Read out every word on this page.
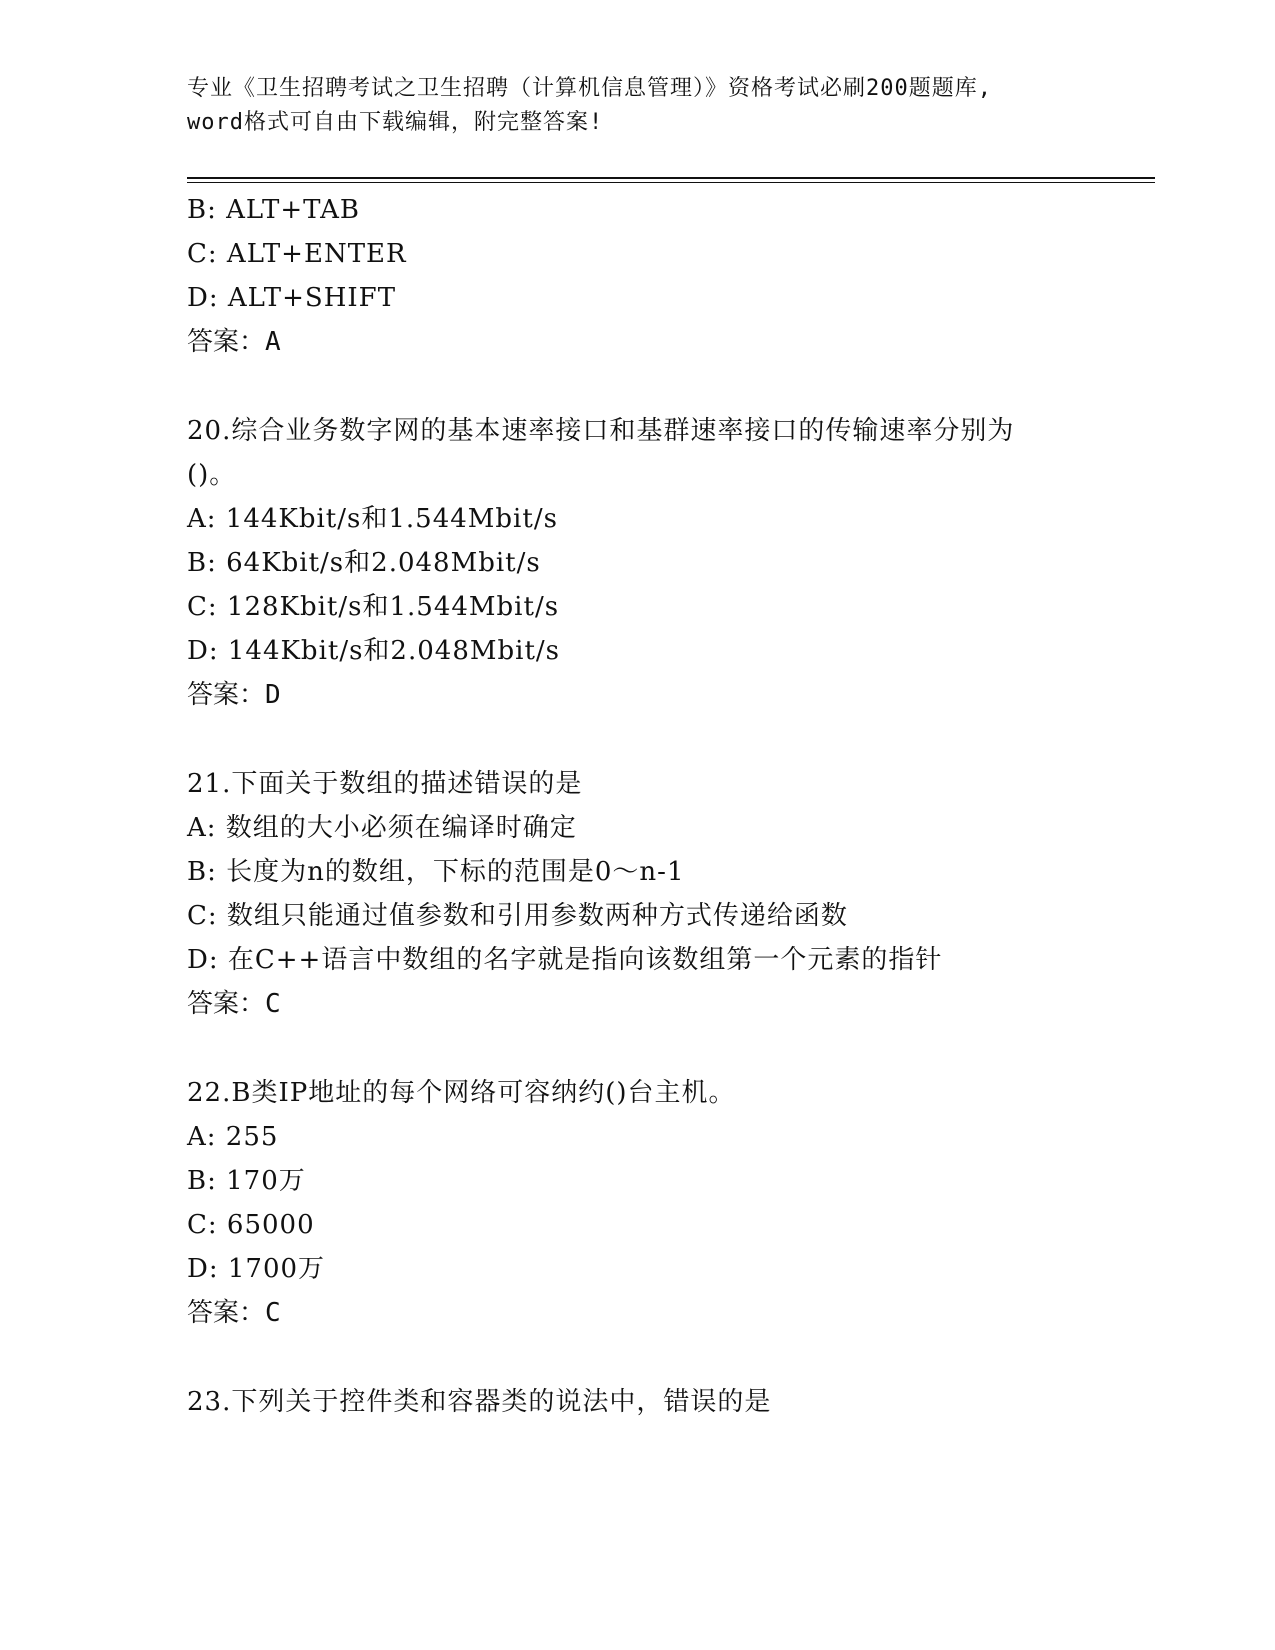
专业《卫生招聘考试之卫生招聘（计算机信息管理）》资格考试必刷200题题库,
word格式可自由下载编辑，附完整答案!
B: ALT+TAB
C: ALT+ENTER
D: ALT+SHIFT
答案：A
20.综合业务数字网的基本速率接口和基群速率接口的传输速率分别为
()。
A: 144Kbit/s和1.544Mbit/s
B: 64Kbit/s和2.048Mbit/s
C: 128Kbit/s和1.544Mbit/s
D: 144Kbit/s和2.048Mbit/s
答案：D
21.下面关于数组的描述错误的是
A: 数组的大小必须在编译时确定
B: 长度为n的数组，下标的范围是0～n-1
C: 数组只能通过值参数和引用参数两种方式传递给函数
D: 在C++语言中数组的名字就是指向该数组第一个元素的指针
答案：C
22.B类IP地址的每个网络可容纳约()台主机。
A: 255
B: 170万
C: 65000
D: 1700万
答案：C
23.下列关于控件类和容器类的说法中，错误的是
